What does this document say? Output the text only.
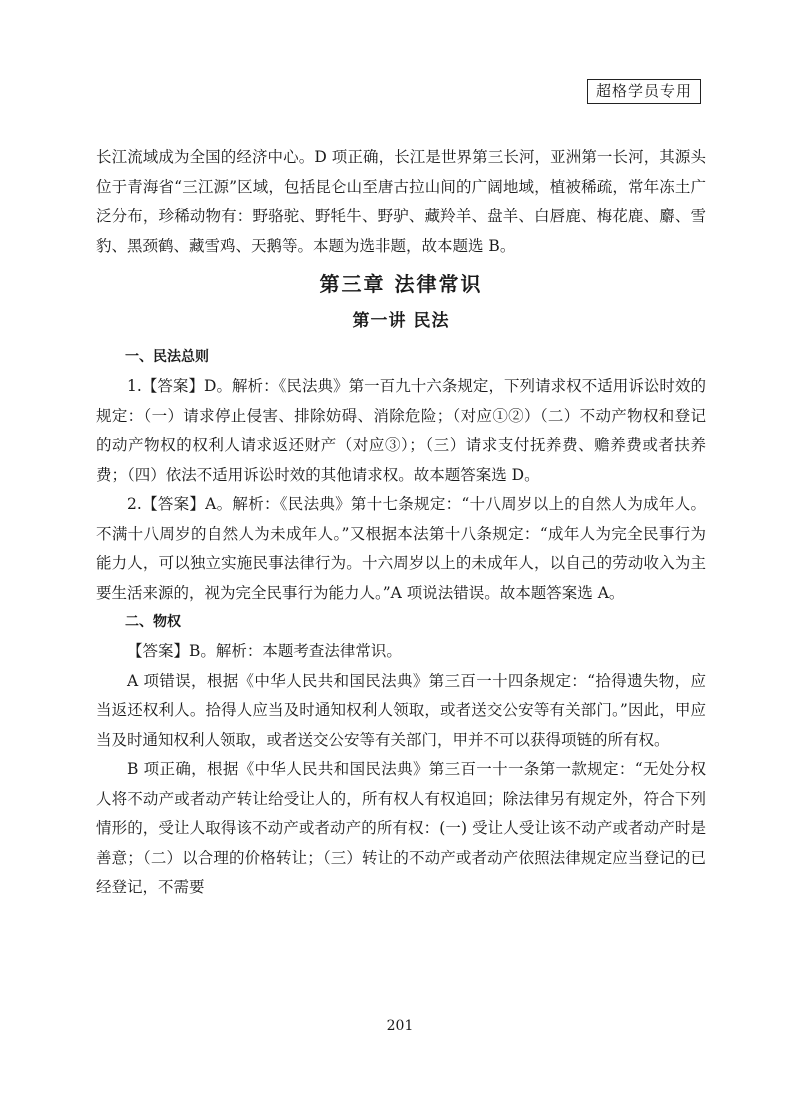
超格学员专用

长江流域成为全国的经济中心。D 项正确，长江是世界第三长河，亚洲第一长河，其源头位于青海省“三江源”区域，包括昆仑山至唐古拉山间的广阔地域，植被稀疏，常年冻土广泛分布，珍稀动物有：野骆驼、野牦牛、野驴、藏羚羊、盘羊、白唇鹿、梅花鹿、麝、雪豹、黑颈鹤、藏雪鸡、天鹅等。本题为选非题，故本题选 B。

第三章 法律常识
第一讲 民法
一、民法总则

1.【答案】D。解析：《民法典》第一百九十六条规定，下列请求权不适用诉讼时效的规定：（一）请求停止侵害、排除妨碍、消除危险；（对应①②）（二）不动产物权和登记的动产物权的权利人请求返还财产（对应③）；（三）请求支付抚养费、赡养费或者扶养费；（四）依法不适用诉讼时效的其他请求权。故本题答案选 D。

2.【答案】A。解析：《民法典》第十七条规定：“十八周岁以上的自然人为成年人。不满十八周岁的自然人为未成年人。”又根据本法第十八条规定：“成年人为完全民事行为能力人，可以独立实施民事法律行为。十六周岁以上的未成年人，以自己的劳动收入为主要生活来源的，视为完全民事行为能力人。”A 项说法错误。故本题答案选 A。

二、物权

【答案】B。解析：本题考查法律常识。

A 项错误，根据《中华人民共和国民法典》第三百一十四条规定：“拾得遗失物，应当返还权利人。拾得人应当及时通知权利人领取，或者送交公安等有关部门。”因此，甲应当及时通知权利人领取，或者送交公安等有关部门，甲并不可以获得项链的所有权。

B 项正确，根据《中华人民共和国民法典》第三百一十一条第一款规定：“无处分权人将不动产或者动产转让给受让人的，所有权人有权追回；除法律另有规定外，符合下列情形的，受让人取得该不动产或者动产的所有权：(一) 受让人受让该不动产或者动产时是善意；（二）以合理的价格转让；（三）转让的不动产或者动产依照法律规定应当登记的已经登记，不需要

201
